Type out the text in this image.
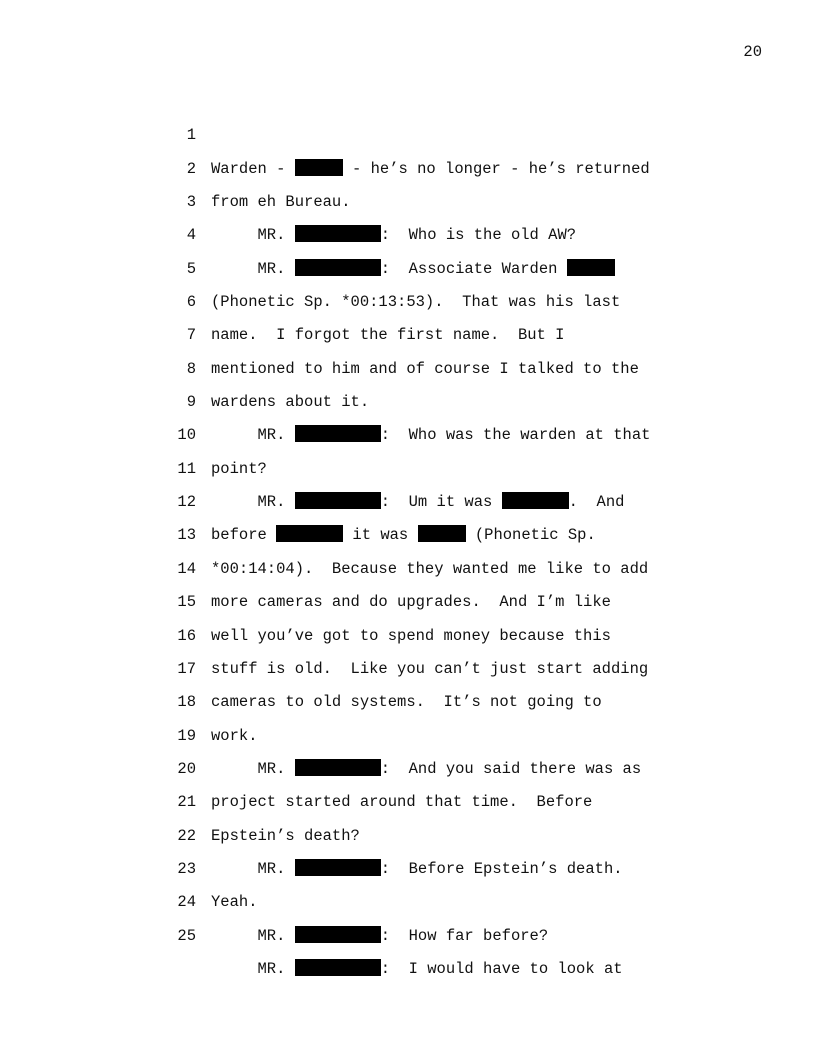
20

1

Warden -	- he’s no longer - he’s returned

2

from eh Bureau.

3

MR.	:  Who is the old AW?

4

MR.	:  Associate Warden

5

(Phonetic Sp. *00:13:53).  That was his last

6

name.  I forgot the first name.  But I

7

mentioned to him and of course I talked to the

8

wardens about it.

9

MR.	:  Who was the warden at that

10

point?

11

MR.	:  Um it was	.  And

12

before	it was	(Phonetic Sp.

13

*00:14:04).  Because they wanted me like to add

14

more cameras and do upgrades.  And I’m like

15

well you’ve got to spend money because this

16

stuff is old.  Like you can’t just start adding

17

cameras to old systems.  It’s not going to

18

work.

19

MR.	:  And you said there was as

20

project started around that time.  Before

21

Epstein’s death?

22

MR.	:  Before Epstein’s death.

23

Yeah.

24

MR.	:  How far before?

25

MR.	:  I would have to look at
